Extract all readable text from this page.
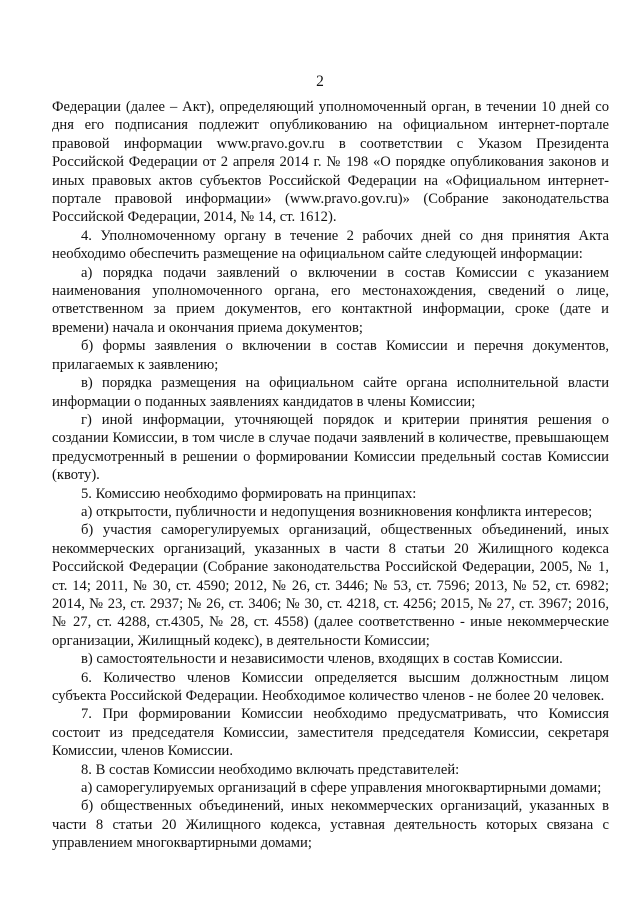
2

Федерации (далее – Акт), определяющий уполномоченный орган, в течении 10 дней со дня его подписания подлежит опубликованию на официальном интернет-портале правовой информации www.pravo.gov.ru в соответствии с Указом Президента Российской Федерации от 2 апреля 2014 г. № 198 «О порядке опубликования законов и иных правовых актов субъектов Российской Федерации на «Официальном интернет-портале правовой информации» (www.pravo.gov.ru)» (Собрание законодательства Российской Федерации, 2014, № 14, ст. 1612).

4. Уполномоченному органу в течение 2 рабочих дней со дня принятия Акта необходимо обеспечить размещение на официальном сайте следующей информации:

а) порядка подачи заявлений о включении в состав Комиссии с указанием наименования уполномоченного органа, его местонахождения, сведений о лице, ответственном за прием документов, его контактной информации, сроке (дате и времени) начала и окончания приема документов;

б) формы заявления о включении в состав Комиссии и перечня документов, прилагаемых к заявлению;

в) порядка размещения на официальном сайте органа исполнительной власти информации о поданных заявлениях кандидатов в члены Комиссии;

г) иной информации, уточняющей порядок и критерии принятия решения о создании Комиссии, в том числе в случае подачи заявлений в количестве, превышающем предусмотренный в решении о формировании Комиссии предельный состав Комиссии (квоту).

5. Комиссию необходимо формировать на принципах:

а) открытости, публичности и недопущения возникновения конфликта интересов;

б) участия саморегулируемых организаций, общественных объединений, иных некоммерческих организаций, указанных в части 8 статьи 20 Жилищного кодекса Российской Федерации (Собрание законодательства Российской Федерации, 2005, № 1, ст. 14; 2011, № 30, ст. 4590; 2012, № 26, ст. 3446; № 53, ст. 7596; 2013, № 52, ст. 6982; 2014, № 23, ст. 2937; № 26, ст. 3406; № 30, ст. 4218, ст. 4256; 2015, № 27, ст. 3967; 2016, № 27, ст. 4288, ст.4305, № 28, ст. 4558) (далее соответственно - иные некоммерческие организации, Жилищный кодекс), в деятельности Комиссии;

в) самостоятельности и независимости членов, входящих в состав Комиссии.

6. Количество членов Комиссии определяется высшим должностным лицом субъекта Российской Федерации. Необходимое количество членов - не более 20 человек.

7. При формировании Комиссии необходимо предусматривать, что Комиссия состоит из председателя Комиссии, заместителя председателя Комиссии, секретаря Комиссии, членов Комиссии.

8. В состав Комиссии необходимо включать представителей:

а) саморегулируемых организаций в сфере управления многоквартирными домами;

б) общественных объединений, иных некоммерческих организаций, указанных в части 8 статьи 20 Жилищного кодекса, уставная деятельность которых связана с управлением многоквартирными домами;
